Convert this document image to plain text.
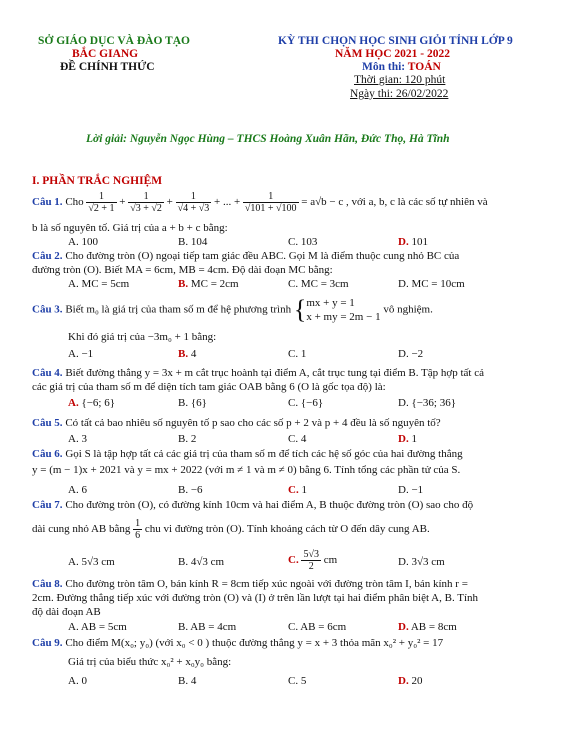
SỞ GIÁO DỤC VÀ ĐÀO TẠO
BẮC GIANG
ĐỀ CHÍNH THỨC
KỲ THI CHỌN HỌC SINH GIỎI TỈNH LỚP 9
NĂM HỌC 2021 - 2022
Môn thi: TOÁN
Thời gian: 120 phút
Ngày thi: 26/02/2022
Lời giải: Nguyễn Ngọc Hùng – THCS Hoàng Xuân Hãn, Đức Thọ, Hà Tĩnh
I. PHẦN TRẮC NGHIỆM
Câu 1. Cho $\frac{1}{√2 + 1} + \frac{1}{√3 + √2} + \frac{1}{√4 + √3}$ + ... + $\frac{1}{√101 + √100} = a√b - c$ , với a, b, c là các số tự nhiên và
b là số nguyên tố. Giá trị của a + b + c bằng:
A. 100	B. 104	C. 103	D. 101
Câu 2. Cho đường tròn (O) ngoại tiếp tam giác đều ABC. Gọi M là điểm thuộc cung nhỏ BC của
đường tròn (O). Biết MA = 6cm, MB = 4cm. Độ dài đoạn MC bằng:
A. MC = 5cm	B. MC = 2cm	C. MC = 3cm	D. MC = 10cm
Câu 3. Biết m₀ là giá trị của tham số m để hệ phương trình { mx + y = 1
x + my = 2m − 1
vô nghiệm.
Khi đó giá trị của −3m₀ + 1 bằng:
A. −1	B. 4	C. 1	D. −2
Câu 4. Biết đường thẳng y = 3x + m cắt trục hoành tại điểm A, cắt trục tung tại điểm B. Tập hợp tất cả
các giá trị của tham số m để diện tích tam giác OAB bằng 6 (O là gốc tọa độ) là:
A. {−6; 6}	B. {6}	C. {−6}	D. {−36; 36}
Câu 5. Có tất cả bao nhiêu số nguyên tố p sao cho các số p + 2 và p + 4 đều là số nguyên tố?
A. 3	B. 2	C. 4	D. 1
Câu 6. Gọi S là tập hợp tất cả các giá trị của tham số m để tích các hệ số góc của hai đường thẳng
y = (m − 1)x + 2021 và y = mx + 2022 (với m ≠ 1 và m ≠ 0) bằng 6. Tính tổng các phần tử của S.
A. 6	B. −6	C. 1	D. −1
Câu 7. Cho đường tròn (O), có đường kính 10cm và hai điểm A, B thuộc đường tròn (O) sao cho độ
dài cung nhỏ AB bằng $\frac{1}{6}$ chu vi đường tròn (O). Tính khoảng cách từ O đến dây cung AB.
A. 5√3 cm	B. 4√3 cm	C. $\frac{5√3}{2}$ cm	D. 3√3 cm
Câu 8. Cho đường tròn tâm O, bán kính R = 8cm tiếp xúc ngoài với đường tròn tâm I, bán kính r =
2cm. Đường thẳng tiếp xúc với đường tròn (O) và (I) ở trên lần lượt tại hai điểm phân biệt A, B. Tính
độ dài đoạn AB
A. AB = 5cm	B. AB = 4cm	C. AB = 6cm	D. AB = 8cm
Câu 9. Cho điểm M(x₀; y₀) (với x₀ < 0 ) thuộc đường thẳng y = x + 3 thỏa mãn x₀² + y₀² = 17
Giá trị của biểu thức x₀² + x₀y₀ bằng:
A. 0	B. 4	C. 5	D. 20
